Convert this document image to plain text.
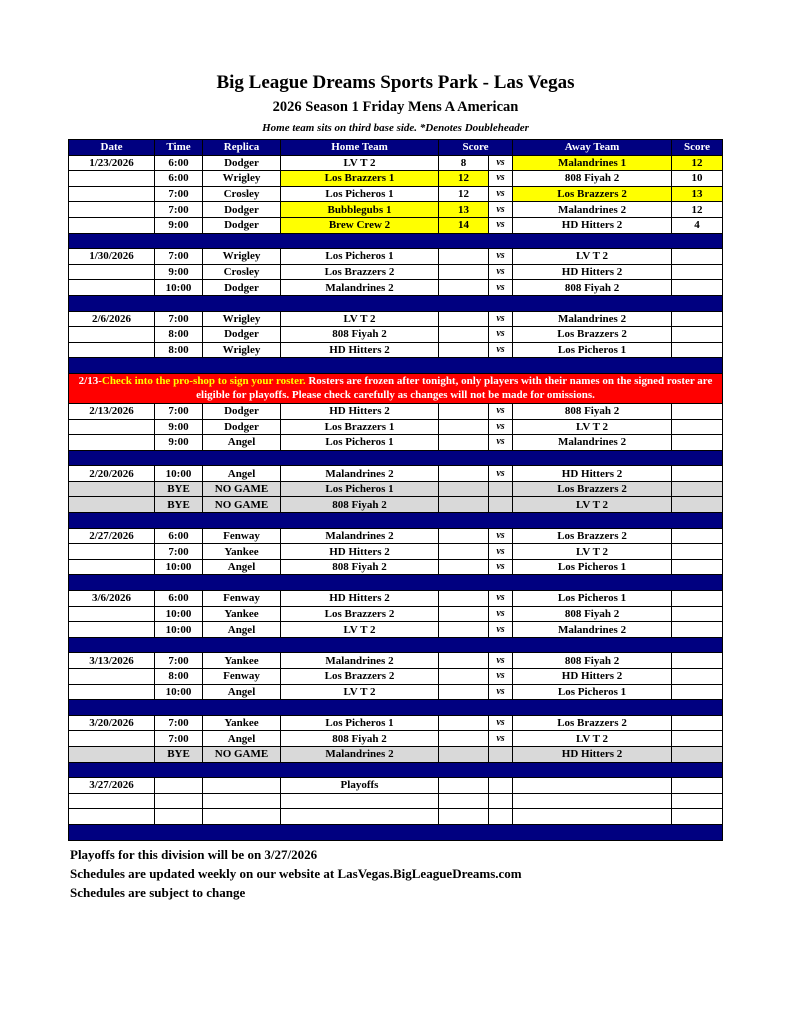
Big League Dreams Sports Park - Las Vegas
2026 Season 1 Friday Mens A American
Home team sits on third base side. *Denotes Doubleheader
Date	Time	Replica	Home Team	Score		Away Team	Score
1/23/2026	6:00	Dodger	LV T 2	8	vs	Malandrines 1	12
	6:00	Wrigley	Los Brazzers 1	12	vs	808 Fiyah 2	10
	7:00	Crosley	Los Picheros 1	12	vs	Los Brazzers 2	13
	7:00	Dodger	Bubblegubs 1	13	vs	Malandrines 2	12
	9:00	Dodger	Brew Crew 2	14	vs	HD Hitters 2	4

1/30/2026	7:00	Wrigley	Los Picheros 1		vs	LV T 2	
	9:00	Crosley	Los Brazzers 2		vs	HD Hitters 2	
	10:00	Dodger	Malandrines 2		vs	808 Fiyah 2	

2/6/2026	7:00	Wrigley	LV T 2		vs	Malandrines 2	
	8:00	Dodger	808 Fiyah 2		vs	Los Brazzers 2	
	8:00	Wrigley	HD Hitters 2		vs	Los Picheros 1	

2/13-Check into the pro-shop to sign your roster. Rosters are frozen after tonight, only players with their names on the signed roster are eligible for playoffs. Please check carefully as changes will not be made for omissions.							
2/13/2026	7:00	Dodger	HD Hitters 2		vs	808 Fiyah 2	
	9:00	Dodger	Los Brazzers 1		vs	LV T 2	
	9:00	Angel	Los Picheros 1		vs	Malandrines 2	

2/20/2026	10:00	Angel	Malandrines 2		vs	HD Hitters 2	
	BYE	NO GAME	Los Picheros 1			Los Brazzers 2	
	BYE	NO GAME	808 Fiyah 2			LV T 2	

2/27/2026	6:00	Fenway	Malandrines 2		vs	Los Brazzers 2	
	7:00	Yankee	HD Hitters 2		vs	LV T 2	
	10:00	Angel	808 Fiyah 2		vs	Los Picheros 1	

3/6/2026	6:00	Fenway	HD Hitters 2		vs	Los Picheros 1	
	10:00	Yankee	Los Brazzers 2		vs	808 Fiyah 2	
	10:00	Angel	LV T 2		vs	Malandrines 2	

3/13/2026	7:00	Yankee	Malandrines 2		vs	808 Fiyah 2	
	8:00	Fenway	Los Brazzers 2		vs	HD Hitters 2	
	10:00	Angel	LV T 2		vs	Los Picheros 1	

3/20/2026	7:00	Yankee	Los Picheros 1		vs	Los Brazzers 2	
	7:00	Angel	808 Fiyah 2		vs	LV T 2	
	BYE	NO GAME	Malandrines 2			HD Hitters 2	

3/27/2026			Playoffs				

Playoffs for this division will be on 3/27/2026
Schedules are updated weekly on our website at LasVegas.BigLeagueDreams.com
Schedules are subject to change
